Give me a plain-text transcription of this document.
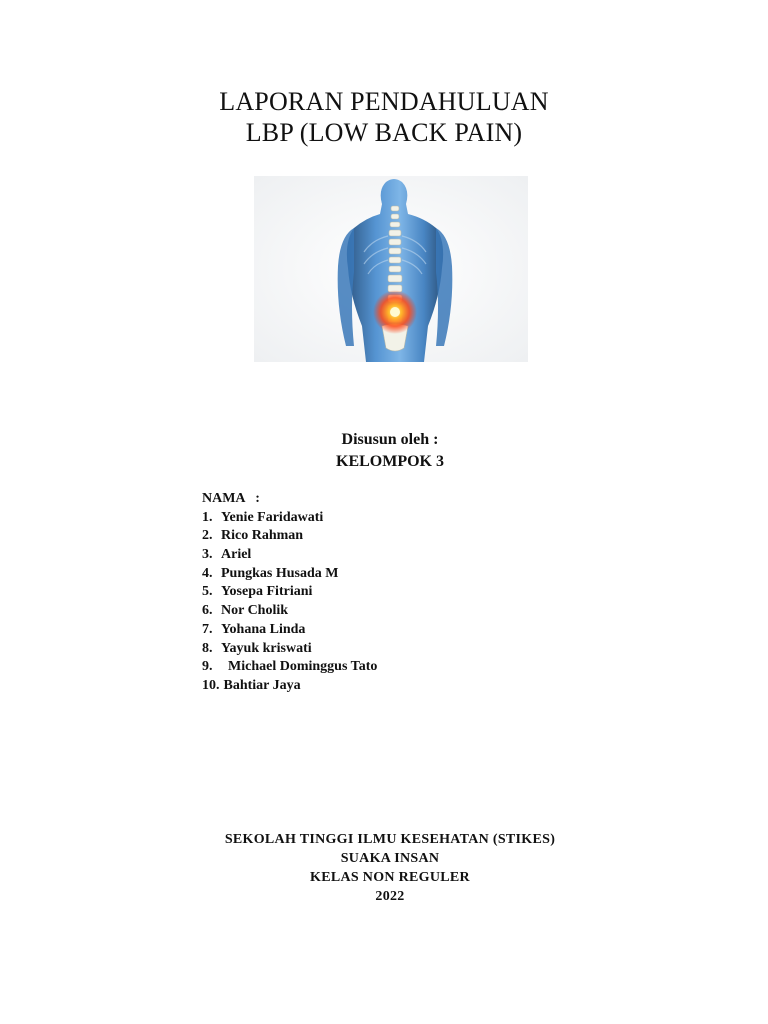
LAPORAN PENDAHULUAN
LBP (LOW BACK PAIN)
Disusun oleh :
KELOMPOK 3
NAMA   :
1. Yenie Faridawati
2. Rico Rahman
3. Ariel
4. Pungkas Husada M
5. Yosepa Fitriani
6. Nor Cholik
7. Yohana Linda
8. Yayuk kriswati
9.  Michael Dominggus Tato
10. Bahtiar Jaya
SEKOLAH TINGGI ILMU KESEHATAN (STIKES)
SUAKA INSAN
KELAS NON REGULER
2022
